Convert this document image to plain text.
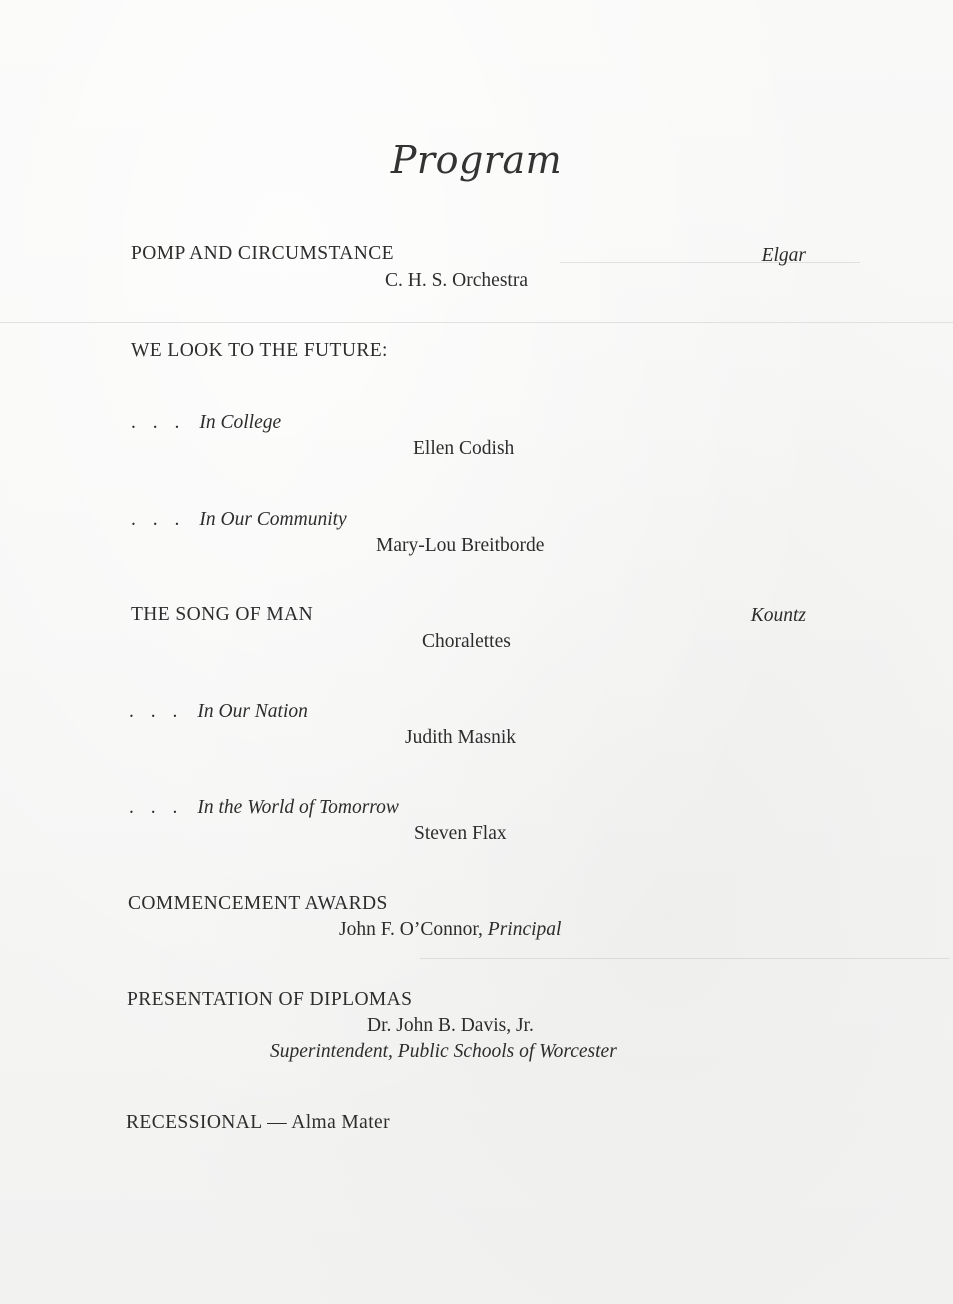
Program
POMP AND CIRCUMSTANCE	Elgar
C. H. S. Orchestra
WE LOOK TO THE FUTURE:
. . . In College
Ellen Codish
. . . In Our Community
Mary-Lou Breitborde
THE SONG OF MAN	Kountz
Choralettes
. . . In Our Nation
Judith Masnik
. . . In the World of Tomorrow
Steven Flax
COMMENCEMENT AWARDS
John F. O’Connor, Principal
PRESENTATION OF DIPLOMAS
Dr. John B. Davis, Jr.
Superintendent, Public Schools of Worcester
RECESSIONAL — Alma Mater
